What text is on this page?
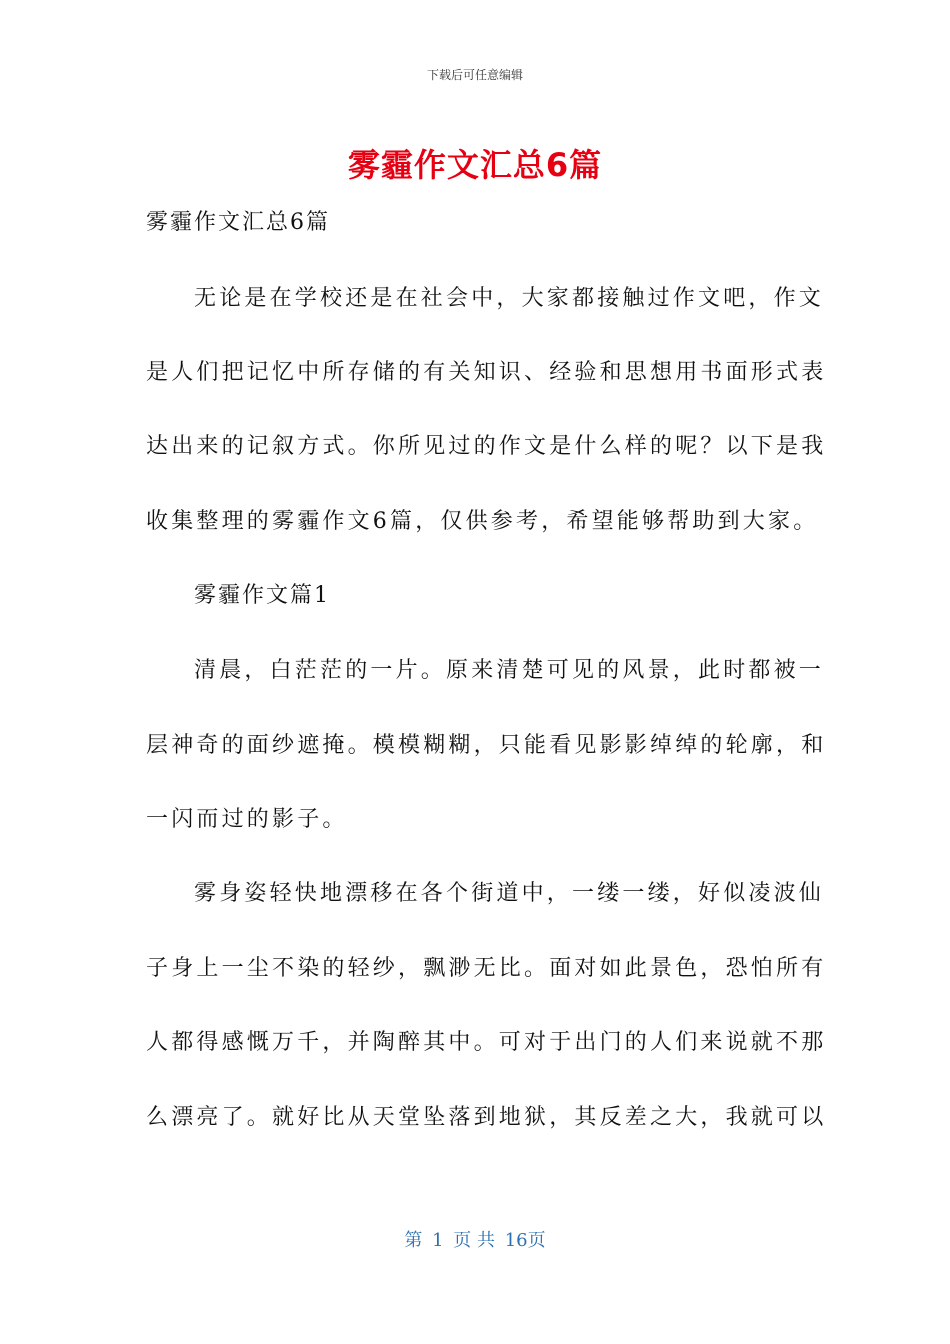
下载后可任意编辑
雾霾作文汇总6篇
雾霾作文汇总6篇
无论是在学校还是在社会中，大家都接触过作文吧，作文
是人们把记忆中所存储的有关知识、经验和思想用书面形式表
达出来的记叙方式。你所见过的作文是什么样的呢？以下是我
收集整理的雾霾作文6篇，仅供参考，希望能够帮助到大家。
雾霾作文篇1
清晨，白茫茫的一片。原来清楚可见的风景，此时都被一
层神奇的面纱遮掩。模模糊糊，只能看见影影绰绰的轮廓，和
一闪而过的影子。
雾身姿轻快地漂移在各个街道中，一缕一缕，好似凌波仙
子身上一尘不染的轻纱，飘渺无比。面对如此景色，恐怕所有
人都得感慨万千，并陶醉其中。可对于出门的人们来说就不那
么漂亮了。就好比从天堂坠落到地狱，其反差之大，我就可以
第 1 页 共 16页
